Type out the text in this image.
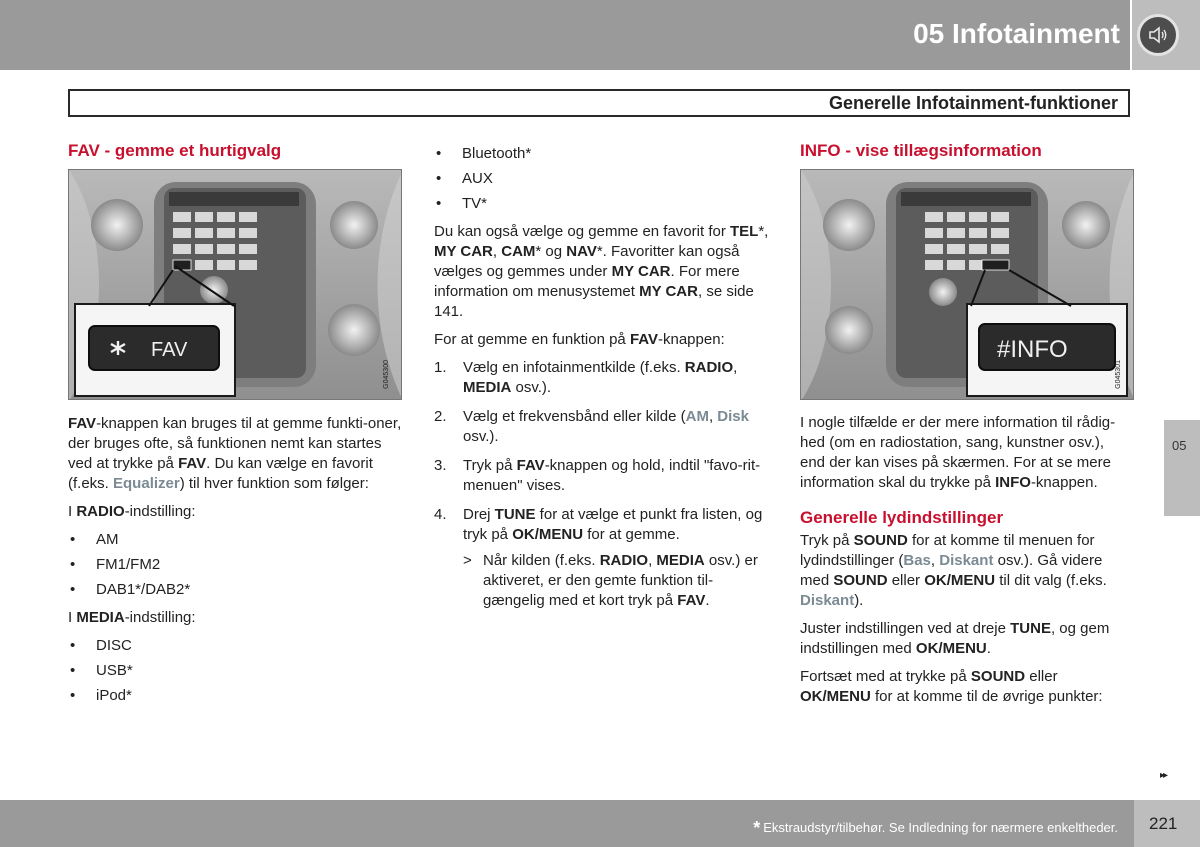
05 Infotainment
Generelle Infotainment-funktioner
FAV - gemme et hurtigvalg
FAV
G045300

FAV-knappen kan bruges til at gemme funkti-oner, der bruges ofte, så funktionen nemt kan startes ved at trykke på FAV. Du kan vælge en favorit (f.eks. Equalizer) til hver funktion som følger:

I RADIO-indstilling:

• AM
• FM1/FM2
• DAB1*/DAB2*

I MEDIA-indstilling:

• DISC
• USB*
• iPod*
• Bluetooth*
• AUX
• TV*

Du kan også vælge og gemme en favorit for TEL*, MY CAR, CAM* og NAV*. Favoritter kan også vælges og gemmes under MY CAR. For mere information om menusystemet MY CAR, se side 141.

For at gemme en funktion på FAV-knappen:

1. Vælg en infotainmentkilde (f.eks. RADIO, MEDIA osv.).
2. Vælg et frekvensbånd eller kilde (AM, Disk osv.).
3. Tryk på FAV-knappen og hold, indtil "favo-rit-menuen" vises.
4. Drej TUNE for at vælge et punkt fra listen, og tryk på OK/MENU for at gemme.
> Når kilden (f.eks. RADIO, MEDIA osv.) er aktiveret, er den gemte funktion til-gængelig med et kort tryk på FAV.
INFO - vise tillægsinformation
#INFO
G045301

I nogle tilfælde er der mere information til rådig-hed (om en radiostation, sang, kunstner osv.), end der kan vises på skærmen. For at se mere information skal du trykke på INFO-knappen.

Generelle lydindstillinger

Tryk på SOUND for at komme til menuen for lydindstillinger (Bas, Diskant osv.). Gå videre med SOUND eller OK/MENU til dit valg (f.eks. Diskant).

Juster indstillingen ved at dreje TUNE, og gem indstillingen med OK/MENU.

Fortsæt med at trykke på SOUND eller OK/MENU for at komme til de øvrige punkter:

05
▸▸
* Ekstraudstyr/tilbehør. Se Indledning for nærmere enkeltheder. 221
